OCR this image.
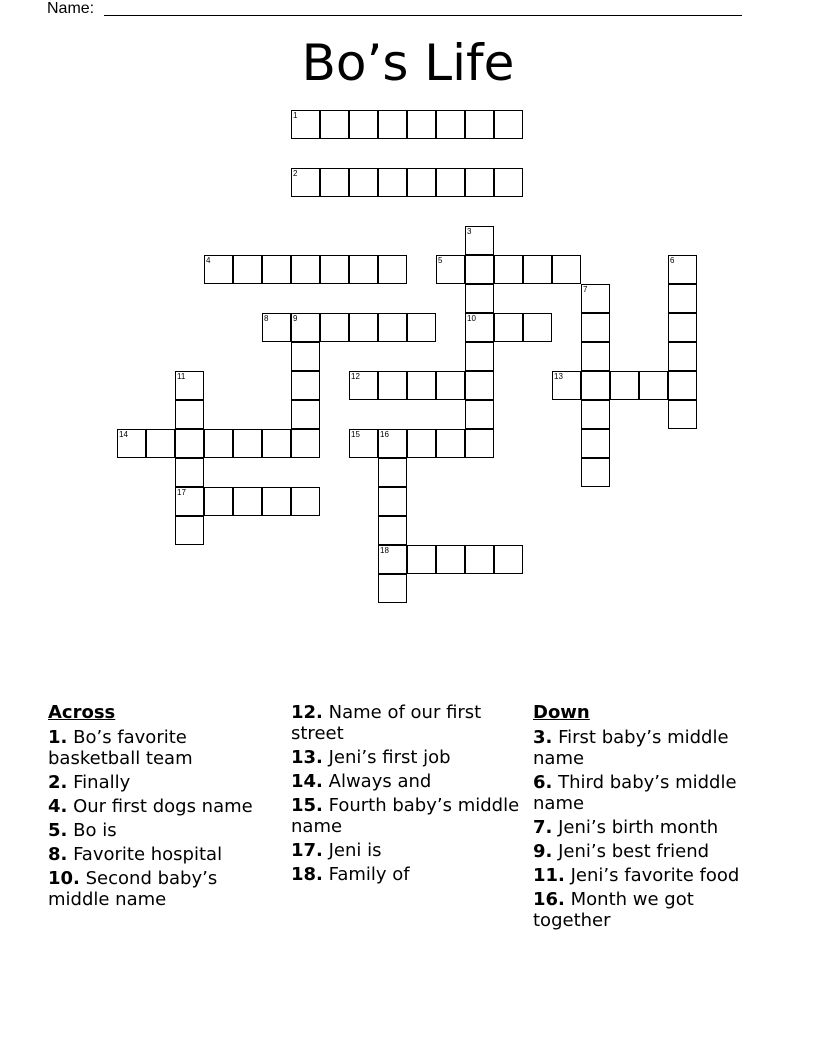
Name:
Bo’s Life
1
2
3
4	5	6
7
8	9	10
11	12	13
14	15	16
17
18
Across
1. Bo’s favorite basketball team
2. Finally
4. Our first dogs name
5. Bo is
8. Favorite hospital
10. Second baby’s middle name
12. Name of our first street
13. Jeni’s first job
14. Always and
15. Fourth baby’s middle name
17. Jeni is
18. Family of
Down
3. First baby’s middle name
6. Third baby’s middle name
7. Jeni’s birth month
9. Jeni’s best friend
11. Jeni’s favorite food
16. Month we got together
